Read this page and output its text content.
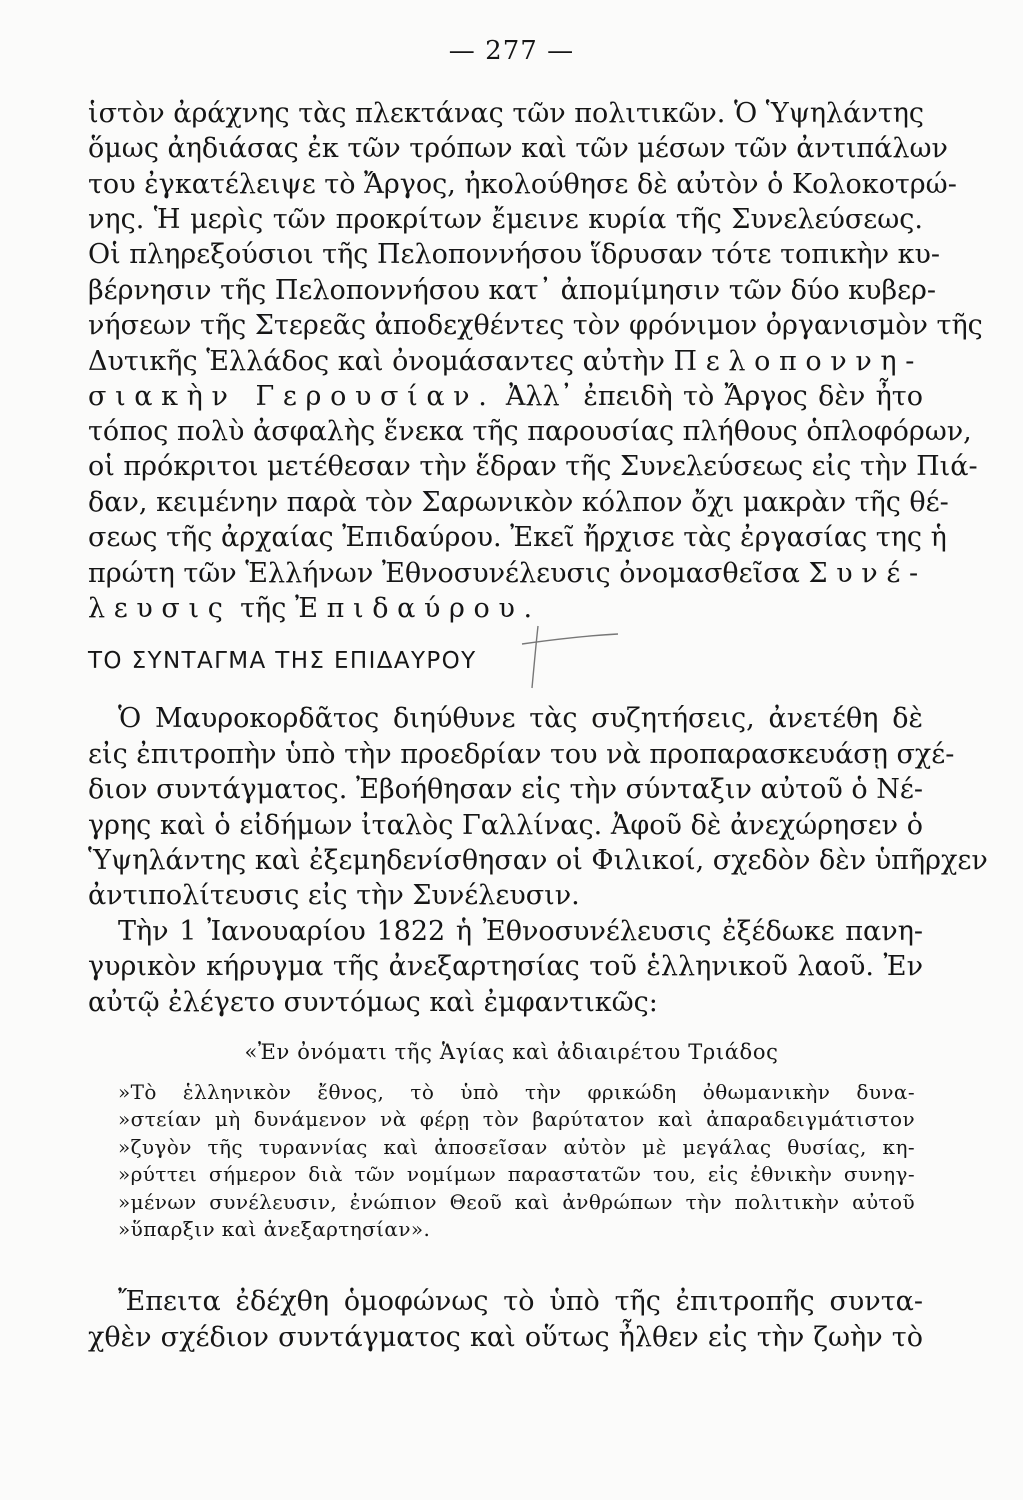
— 277 —
ἱστὸν ἀράχνης τὰς πλεκτάνας τῶν πολιτικῶν. Ὁ Ὑψηλάντης
ὅμως ἀηδιάσας ἐκ τῶν τρόπων καὶ τῶν μέσων τῶν ἀντιπάλων
του ἐγκατέλειψε τὸ Ἄργος, ἠκολούθησε δὲ αὐτὸν ὁ Κολοκοτρώ-
νης. Ἡ μερὶς τῶν προκρίτων ἔμεινε κυρία τῆς Συνελεύσεως.
Οἱ πληρεξούσιοι τῆς Πελοποννήσου ἵδρυσαν τότε τοπικὴν κυ-
βέρνησιν τῆς Πελοποννήσου κατ᾽ ἀπομίμησιν τῶν δύο κυβερ-
νήσεων τῆς Στερεᾶς ἀποδεχθέντες τὸν φρόνιμον ὀργανισμὸν τῆς
Δυτικῆς Ἑλλάδος καὶ ὀνομάσαντες αὐτὴν Πελοποννη-
σιακὴν Γερουσίαν. Ἀλλ᾽ ἐπειδὴ τὸ Ἄργος δὲν ἦτο
τόπος πολὺ ἀσφαλὴς ἕνεκα τῆς παρουσίας πλήθους ὁπλοφόρων,
οἱ πρόκριτοι μετέθεσαν τὴν ἕδραν τῆς Συνελεύσεως εἰς τὴν Πιά-
δαν, κειμένην παρὰ τὸν Σαρωνικὸν κόλπον ὄχι μακρὰν τῆς θέ-
σεως τῆς ἀρχαίας Ἐπιδαύρου. Ἐκεῖ ἤρχισε τὰς ἐργασίας της ἡ
πρώτη τῶν Ἑλλήνων Ἐθνοσυνέλευσις ὀνομασθεῖσα Συνέ-
λευσις τῆς Ἐπιδαύρου.
ΤΟ ΣΥΝΤΑΓΜΑ ΤΗΣ ΕΠΙΔΑΥΡΟΥ
Ὁ Μαυροκορδᾶτος διηύθυνε τὰς συζητήσεις, ἀνετέθη δὲ
εἰς ἐπιτροπὴν ὑπὸ τὴν προεδρίαν του νὰ προπαρασκευάσῃ σχέ-
διον συντάγματος. Ἐβοήθησαν εἰς τὴν σύνταξιν αὐτοῦ ὁ Νέ-
γρης καὶ ὁ εἰδήμων ἰταλὸς Γαλλίνας. Ἀφοῦ δὲ ἀνεχώρησεν ὁ
Ὑψηλάντης καὶ ἐξεμηδενίσθησαν οἱ Φιλικοί, σχεδὸν δὲν ὑπῆρχεν
ἀντιπολίτευσις εἰς τὴν Συνέλευσιν.
Τὴν 1 Ἰανουαρίου 1822 ἡ Ἐθνοσυνέλευσις ἐξέδωκε πανη-
γυρικὸν κήρυγμα τῆς ἀνεξαρτησίας τοῦ ἑλληνικοῦ λαοῦ. Ἐν
αὐτῷ ἐλέγετο συντόμως καὶ ἐμφαντικῶς:
«Ἐν ὀνόματι τῆς Ἁγίας καὶ ἀδιαιρέτου Τριάδος
»Τὸ ἑλληνικὸν ἔθνος, τὸ ὑπὸ τὴν φρικώδη ὀθωμανικὴν δυνα-
»στείαν μὴ δυνάμενον νὰ φέρῃ τὸν βαρύτατον καὶ ἀπαραδειγμάτιστον
»ζυγὸν τῆς τυραννίας καὶ ἀποσεῖσαν αὐτὸν μὲ μεγάλας θυσίας, κη-
»ρύττει σήμερον διὰ τῶν νομίμων παραστατῶν του, εἰς ἐθνικὴν συνηγ-
»μένων συνέλευσιν, ἐνώπιον Θεοῦ καὶ ἀνθρώπων τὴν πολιτικὴν αὐτοῦ
»ὕπαρξιν καὶ ἀνεξαρτησίαν».
Ἔπειτα ἐδέχθη ὁμοφώνως τὸ ὑπὸ τῆς ἐπιτροπῆς συντα-
χθὲν σχέδιον συντάγματος καὶ οὕτως ἦλθεν εἰς τὴν ζωὴν τὸ
